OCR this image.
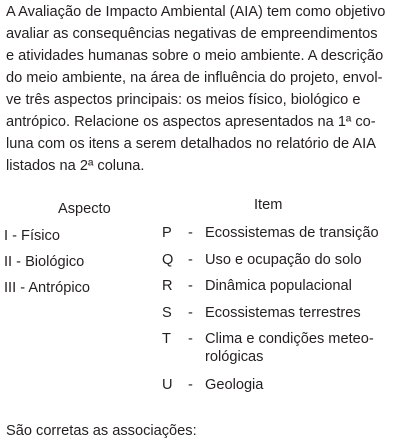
A Avaliação de Impacto Ambiental (AIA) tem como objetivo
avaliar as consequências negativas de empreendimentos
e atividades humanas sobre o meio ambiente. A descrição
do meio ambiente, na área de influência do projeto, envol-
ve três aspectos principais: os meios físico, biológico e
antrópico. Relacione os aspectos apresentados na 1ª co-
luna com os itens a serem detalhados no relatório de AIA
listados na 2ª coluna.
Aspecto	Item
I - Físico
II - Biológico
III - Antrópico
P	- Ecossistemas de transição
Q	- Uso e ocupação do solo
R	- Dinâmica populacional
S	- Ecossistemas terrestres
T	- Clima e condições meteo-
rológicas
U	- Geologia
São corretas as associações:
